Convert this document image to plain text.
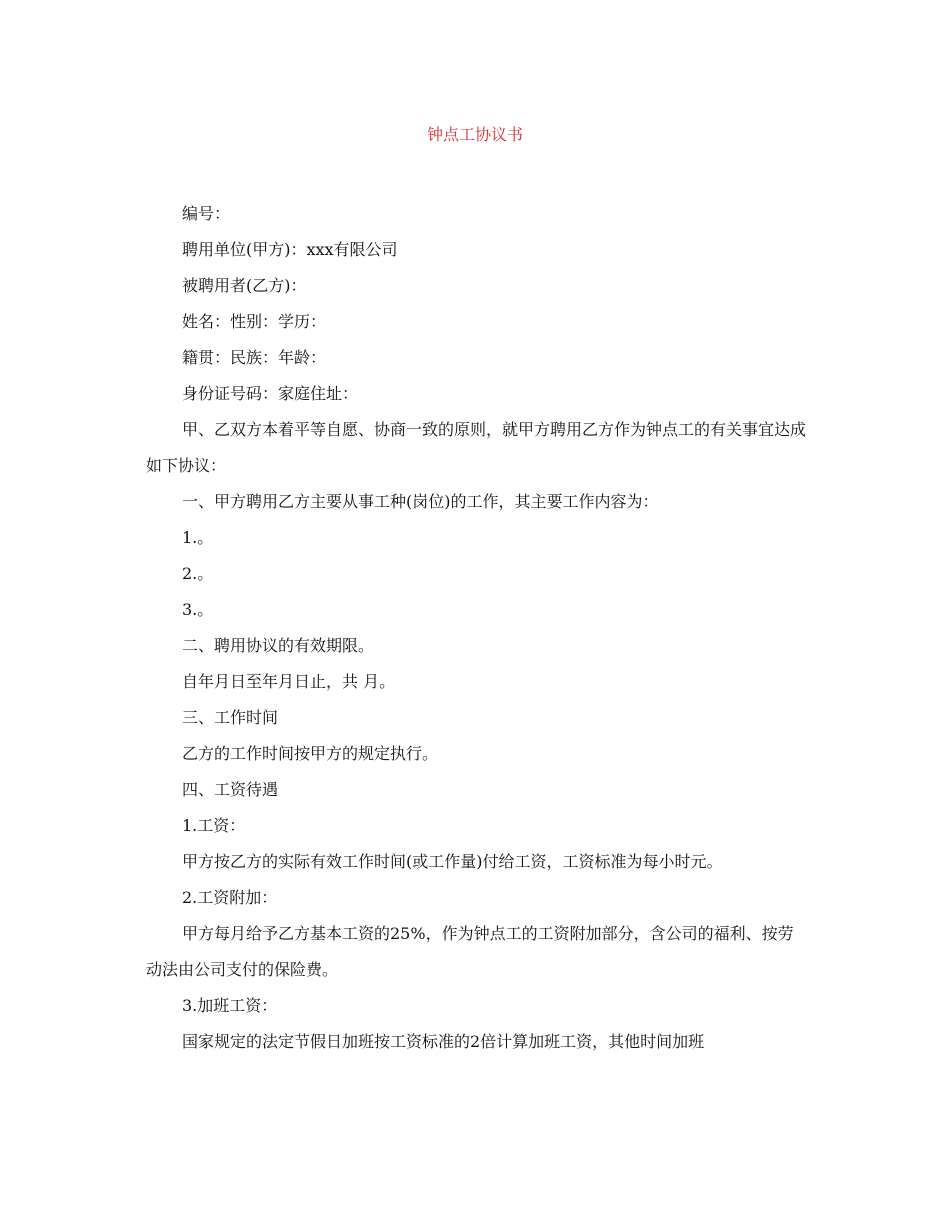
钟点工协议书

编号：

聘用单位(甲方)：xxx有限公司

被聘用者(乙方)：

姓名：性别：学历：

籍贯：民族：年龄：

身份证号码：家庭住址：

甲、乙双方本着平等自愿、协商一致的原则，就甲方聘用乙方作为钟点工的有关事宜达成如下协议：

一、甲方聘用乙方主要从事工种(岗位)的工作，其主要工作内容为：

1.。

2.。

3.。

二、聘用协议的有效期限。

自年月日至年月日止，共 月。

三、工作时间

乙方的工作时间按甲方的规定执行。

四、工资待遇

1.工资：

甲方按乙方的实际有效工作时间(或工作量)付给工资，工资标准为每小时元。

2.工资附加：

甲方每月给予乙方基本工资的25%，作为钟点工的工资附加部分，含公司的福利、按劳动法由公司支付的保险费。

3.加班工资：

国家规定的法定节假日加班按工资标准的2倍计算加班工资，其他时间加班
